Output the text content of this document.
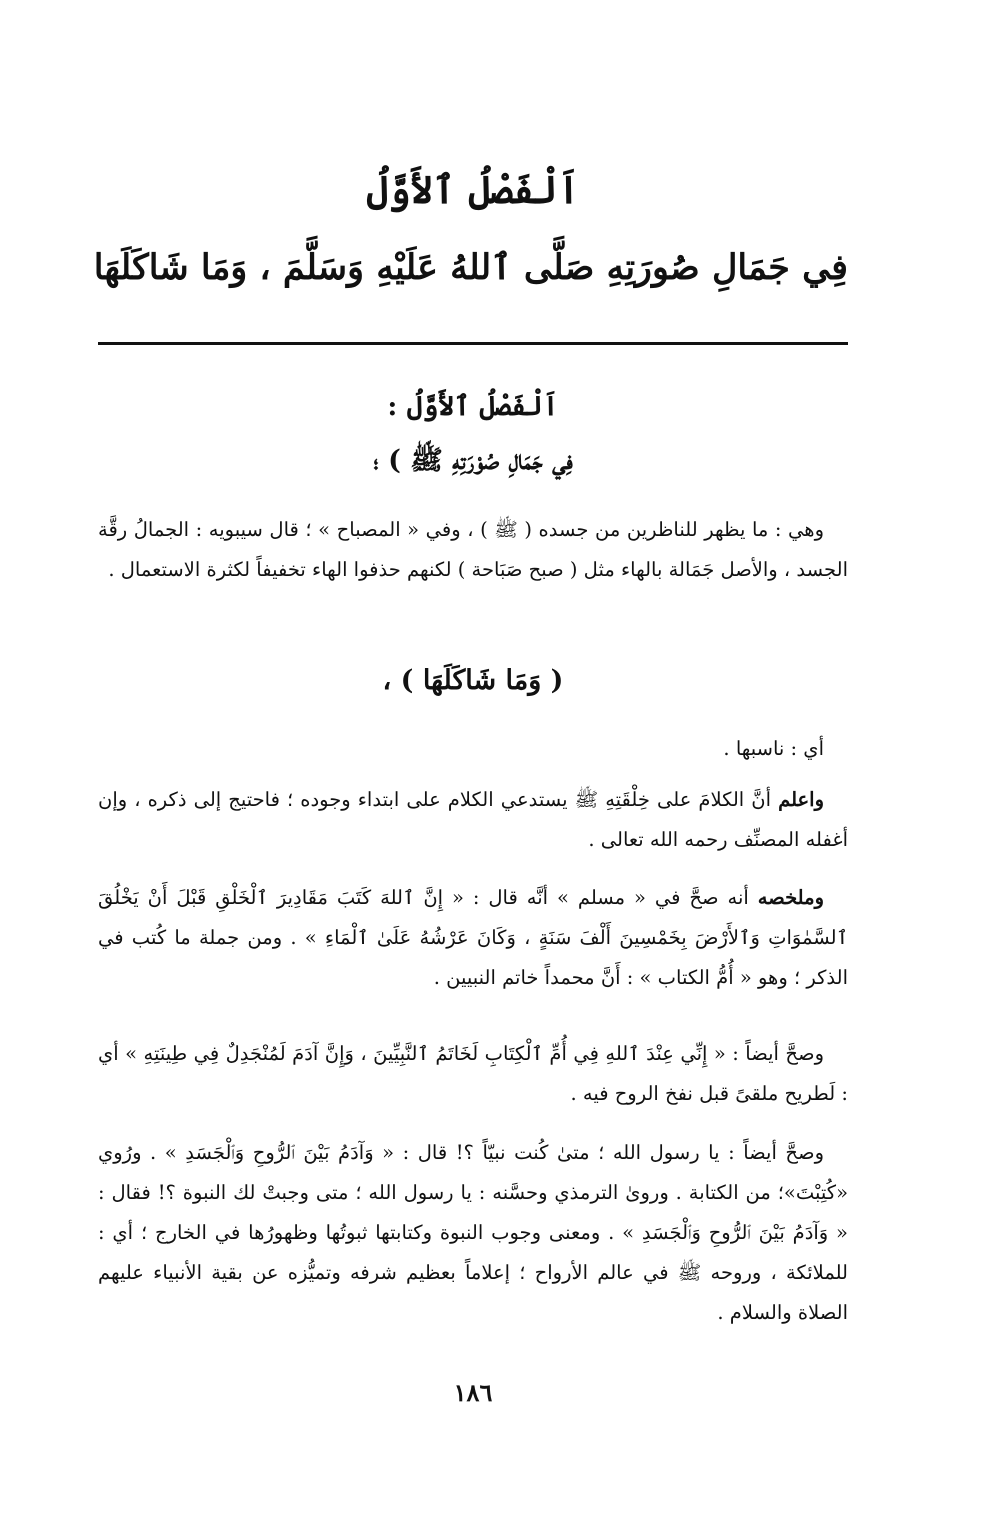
اَلْفَصْلُ ٱلأَوَّلُ
فِي جَمَالِ صُورَتِهِ صَلَّى ٱللهُ عَلَيْهِ وَسَلَّمَ ، وَمَا شَاكَلَهَا
اَلْفَصْلُ ٱلأَوَّلُ :
فِي جَمَالِ صُوْرَتِهِ ﷺ ) ؛
وهي : ما يظهر للناظرين من جسده ( ﷺ ) ، وفي « المصباح » ؛ قال سيبويه : الجمالُ رقَّة الجسد ، والأصل جَمَالة بالهاء مثل ( صبح صَبَاحة ) لكنهم حذفوا الهاء تخفيفاً لكثرة الاستعمال .
( وَمَا شَاكَلَهَا ) ،
أي : ناسبها .
واعلم أنَّ الكلامَ على خِلْقَتِهِ ﷺ يستدعي الكلام على ابتداء وجوده ؛ فاحتيج إلى ذكره ، وإن أغفله المصنِّف رحمه الله تعالى .
وملخصه أنه صحَّ في « مسلم » أنَّه قال : « إِنَّ ٱللهَ كَتَبَ مَقَادِيرَ ٱلْخَلْقِ قَبْلَ أَنْ يَخْلُقَ ٱلسَّمٰوَاتِ وَٱلأَرْضَ بِخَمْسِينَ أَلْفَ سَنَةٍ ، وَكَانَ عَرْشُهُ عَلَىٰ ٱلْمَاءِ » . ومن جملة ما كُتب في الذكر ؛ وهو « أُمُّ الكتاب » : أَنَّ محمداً خاتم النبيين .
وصحَّ أيضاً : « إِنِّي عِنْدَ ٱللهِ فِي أُمِّ ٱلْكِتَابِ لَخَاتَمُ ٱلنَّبِيِّينَ ، وَإِنَّ آدَمَ لَمُنْجَدِلٌ فِي طِينَتِهِ » أي : لَطريح ملقىً قبل نفخ الروح فيه .
وصحَّ أيضاً : يا رسول الله ؛ متىٰ كُنت نبيّاً ؟! قال : « وَآدَمُ بَيْنَ ٱلرُّوحِ وَٱلْجَسَدِ » . ورُوي «كُتِبْتَ»؛ من الكتابة . وروىٰ الترمذي وحسَّنه : يا رسول الله ؛ متى وجبتْ لك النبوة ؟! فقال : « وَآدَمُ بَيْنَ ٱلرُّوحِ وَٱلْجَسَدِ » . ومعنى وجوب النبوة وكتابتها ثبوتُها وظهورُها في الخارج ؛ أي : للملائكة ، وروحه ﷺ في عالم الأرواح ؛ إعلاماً بعظيم شرفه وتميُّزه عن بقية الأنبياء عليهم الصلاة والسلام .
١٨٦
